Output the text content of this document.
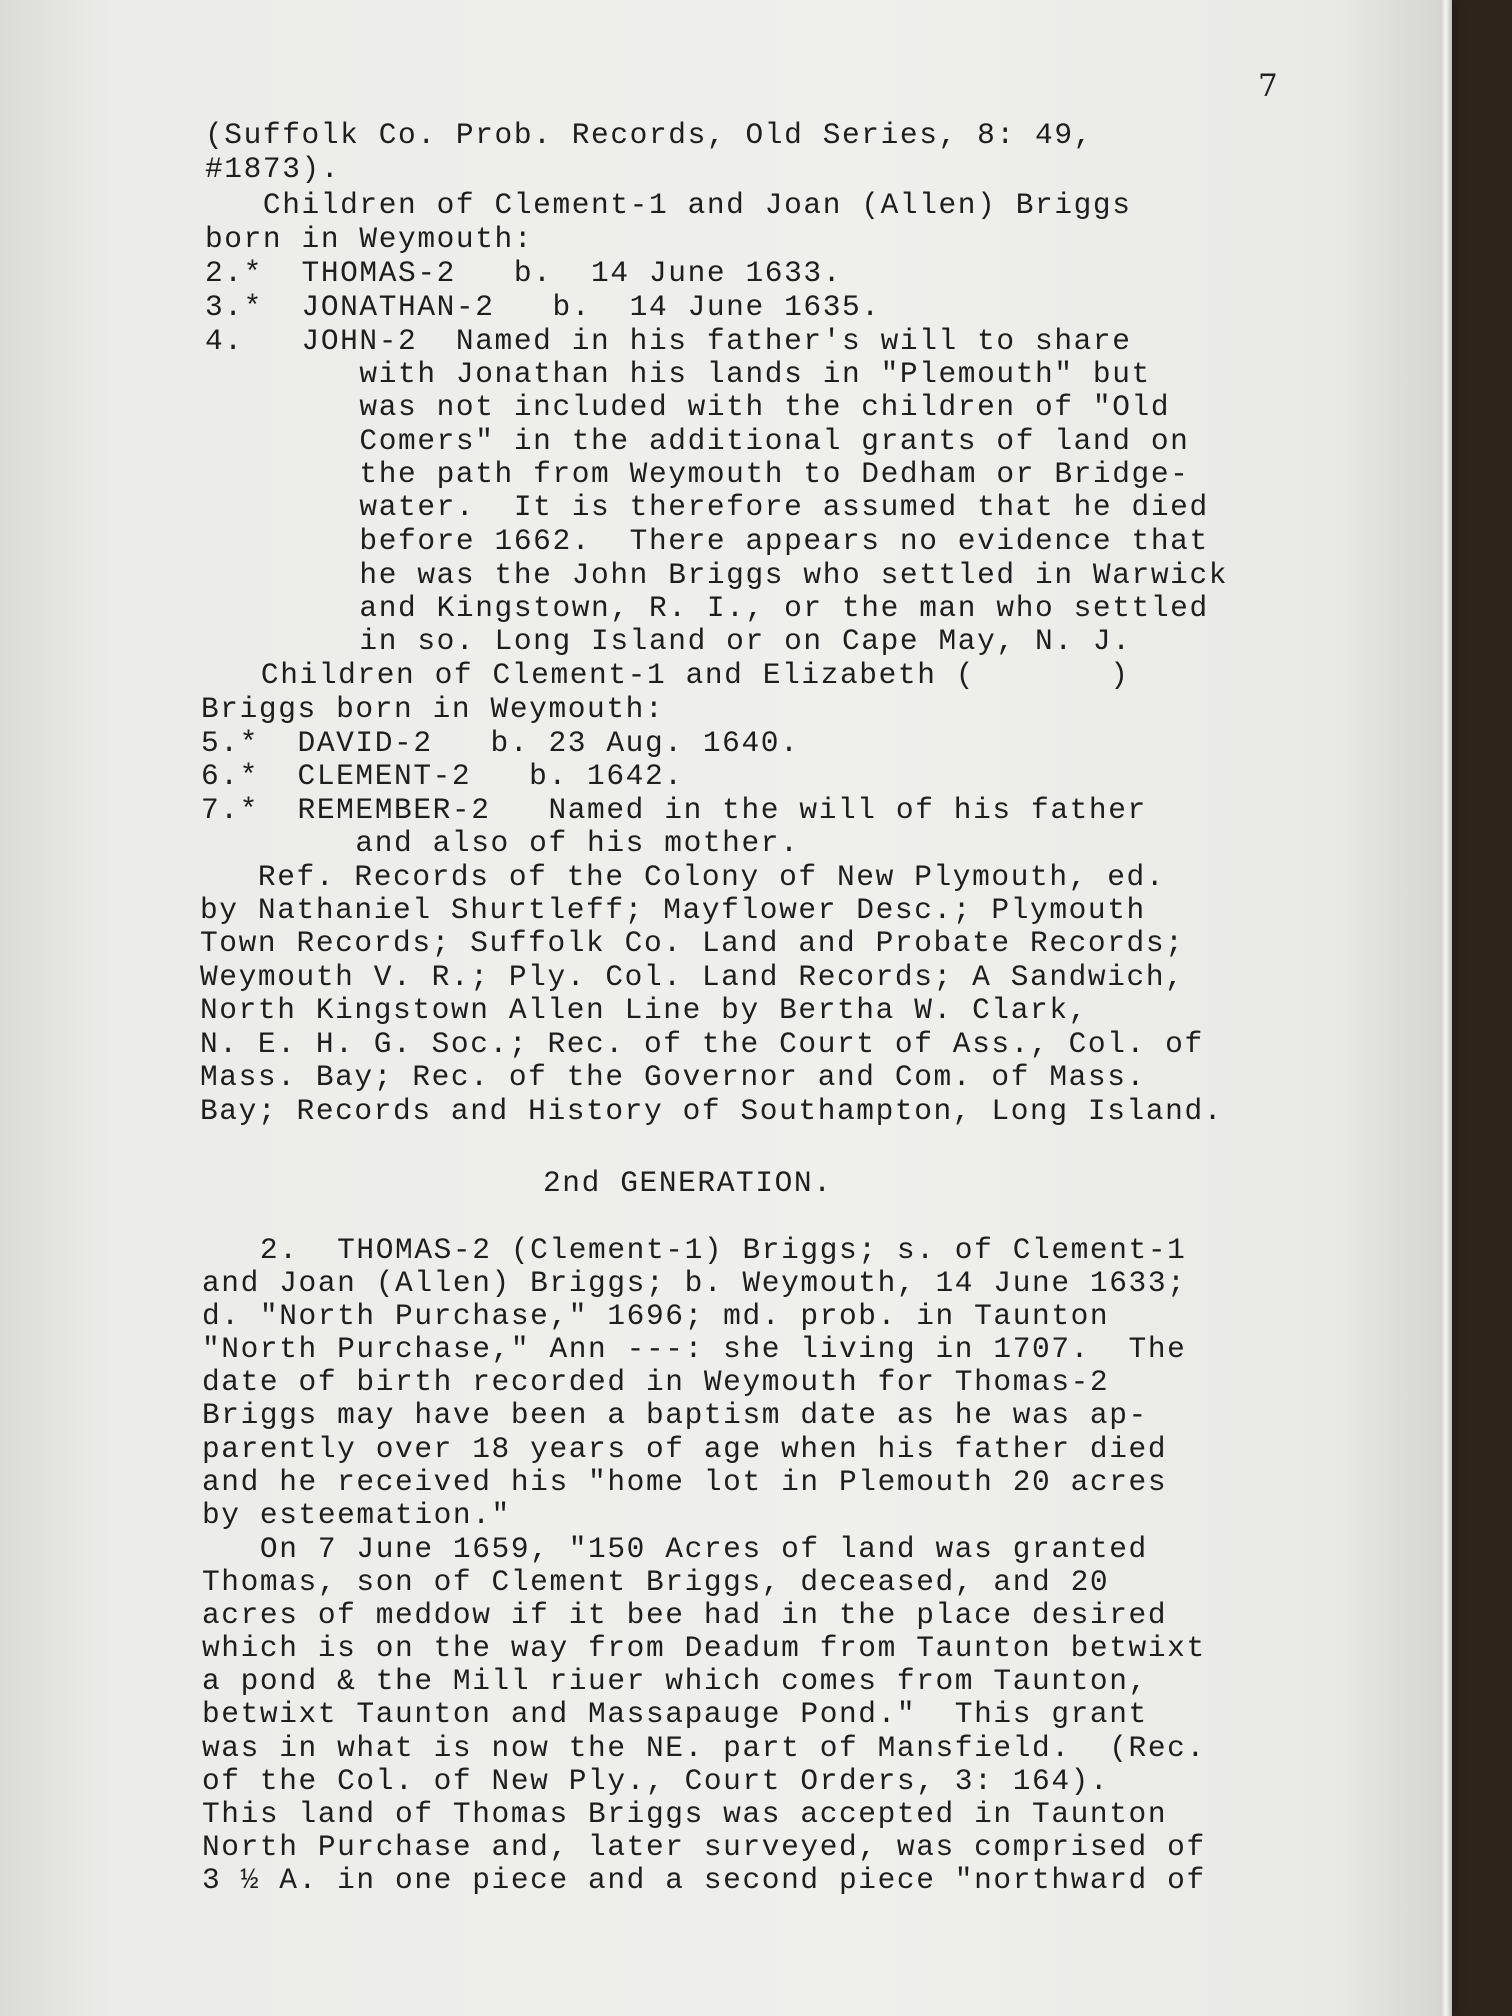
7
(Suffolk Co. Prob. Records, Old Series, 8: 49,
#1873).
Children of Clement-1 and Joan (Allen) Briggs
born in Weymouth:
2.*  THOMAS-2   b.  14 June 1633.
3.*  JONATHAN-2   b.  14 June 1635.
4.   JOHN-2  Named in his father's will to share
with Jonathan his lands in "Plemouth" but
was not included with the children of "Old
Comers" in the additional grants of land on
the path from Weymouth to Dedham or Bridge-
water.  It is therefore assumed that he died
before 1662.  There appears no evidence that
he was the John Briggs who settled in Warwick
and Kingstown, R. I., or the man who settled
in so. Long Island or on Cape May, N. J.
Children of Clement-1 and Elizabeth (       )
Briggs born in Weymouth:
5.*  DAVID-2   b. 23 Aug. 1640.
6.*  CLEMENT-2   b. 1642.
7.*  REMEMBER-2   Named in the will of his father
and also of his mother.
Ref. Records of the Colony of New Plymouth, ed.
by Nathaniel Shurtleff; Mayflower Desc.; Plymouth
Town Records; Suffolk Co. Land and Probate Records;
Weymouth V. R.; Ply. Col. Land Records; A Sandwich,
North Kingstown Allen Line by Bertha W. Clark,
N. E. H. G. Soc.; Rec. of the Court of Ass., Col. of
Mass. Bay; Rec. of the Governor and Com. of Mass.
Bay; Records and History of Southampton, Long Island.
2nd GENERATION.
2.  THOMAS-2 (Clement-1) Briggs; s. of Clement-1
and Joan (Allen) Briggs; b. Weymouth, 14 June 1633;
d. "North Purchase," 1696; md. prob. in Taunton
"North Purchase," Ann ---: she living in 1707.  The
date of birth recorded in Weymouth for Thomas-2
Briggs may have been a baptism date as he was ap-
parently over 18 years of age when his father died
and he received his "home lot in Plemouth 20 acres
by esteemation."
On 7 June 1659, "150 Acres of land was granted
Thomas, son of Clement Briggs, deceased, and 20
acres of meddow if it bee had in the place desired
which is on the way from Deadum from Taunton betwixt
a pond & the Mill riuer which comes from Taunton,
betwixt Taunton and Massapauge Pond."  This grant
was in what is now the NE. part of Mansfield.  (Rec.
of the Col. of New Ply., Court Orders, 3: 164).
This land of Thomas Briggs was accepted in Taunton
North Purchase and, later surveyed, was comprised of
3 ½ A. in one piece and a second piece "northward of
